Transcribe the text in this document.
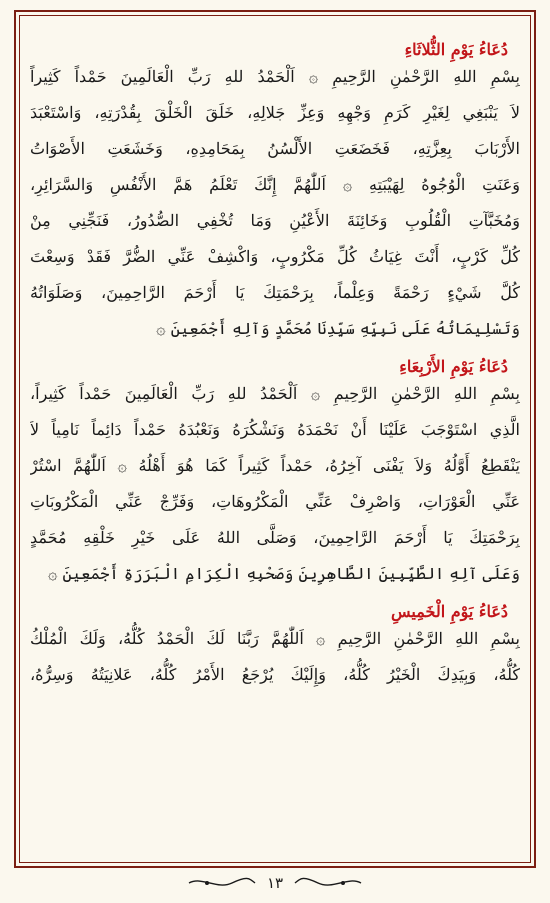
دُعَاءُ يَوْمِ الثُّلاثَاءِ

بِسْمِ اللهِ الرَّحْمٰنِ الرَّحِيمِ ۞ اَلْحَمْدُ للهِ رَبِّ الْعَالَمِينَ حَمْداً كَثِيراً
لاَ يَنْبَغِي لِغَيْرِ كَرَمِ وَجْهِهِ وَعِزِّ جَلالِهِ، خَلَقَ الْخَلْقَ بِقُدْرَتِهِ، وَاسْتَعْبَدَ
الأَرْبَابَ بِعِزَّتِهِ، فَخَضَعَتِ الأَلْسُنُ بِمَحَامِدِهِ، وَخَشَعَتِ الأَصْوَاتُ
وَعَنَتِ الْوُجُوهُ لِهَيْبَتِهِ ۞ اَللّٰهُمَّ إِنَّكَ تَعْلَمُ هَمَّ الأَنْفُسِ وَالسَّرَائِرِ،
وَمُخَبَّآتِ الْقُلُوبِ وَخَائِنَةَ الأَعْيُنِ وَمَا تُخْفِي الصُّدُورُ، فَنَجِّنِي مِنْ
كُلِّ كَرْبٍ، أَنْتَ غِيَاثُ كُلِّ مَكْرُوبٍ، وَاكْشِفْ عَنِّي الضُّرَّ فَقَدْ وَسِعْتَ
كُلَّ شَيْءٍ رَحْمَةً وَعِلْماً، بِرَحْمَتِكَ يَا أَرْحَمَ الرَّاحِمِينَ، وَصَلَوَاتُهُ
وَتَسْلِيمَاتُهُ عَلَى نَبِيِّهِ سَيِّدِنَا مُحَمَّدٍ وَآلِهِ أَجْمَعِينَ ۞

دُعَاءُ يَوْمِ الأَرْبِعَاءِ

بِسْمِ اللهِ الرَّحْمٰنِ الرَّحِيمِ ۞ اَلْحَمْدُ للهِ رَبِّ الْعَالَمِينَ حَمْداً كَثِيراً،
الَّذِي اسْتَوْجَبَ عَلَيْنَا أَنْ نَحْمَدَهُ وَنَشْكُرَهُ وَنَعْبُدَهُ حَمْداً دَائِماً نَامِياً لاَ
يَنْقَطِعُ أَوَّلُهُ وَلاَ يَفْنَى آخِرُهُ، حَمْداً كَثِيراً كَمَا هُوَ أَهْلُهُ ۞ اَللّٰهُمَّ اسْتُرْ
عَنِّي الْعَوْرَاتِ، وَاصْرِفْ عَنِّي الْمَكْرُوهَاتِ، وَفَرِّجْ عَنِّي الْمَكْرُوبَاتِ
بِرَحْمَتِكَ يَا أَرْحَمَ الرَّاحِمِينَ، وَصَلَّى اللهُ عَلَى خَيْرِ خَلْقِهِ مُحَمَّدٍ
وَعَلَى آلِهِ الطَّيِّبِينَ الطَّاهِرِينَ وَصَحْبِهِ الْكِرَامِ الْبَرَرَةِ أَجْمَعِينَ ۞

دُعَاءُ يَوْمِ الْخَمِيسِ

بِسْمِ اللهِ الرَّحْمٰنِ الرَّحِيمِ ۞ اَللّٰهُمَّ رَبَّنَا لَكَ الْحَمْدُ كُلُّهُ، وَلَكَ الْمُلْكُ
كُلُّهُ، وَبِيَدِكَ الْخَيْرُ كُلُّهُ، وَإِلَيْكَ يُرْجَعُ الأَمْرُ كُلُّهُ، عَلانِيَتُهُ وَسِرُّهُ،
١٣
